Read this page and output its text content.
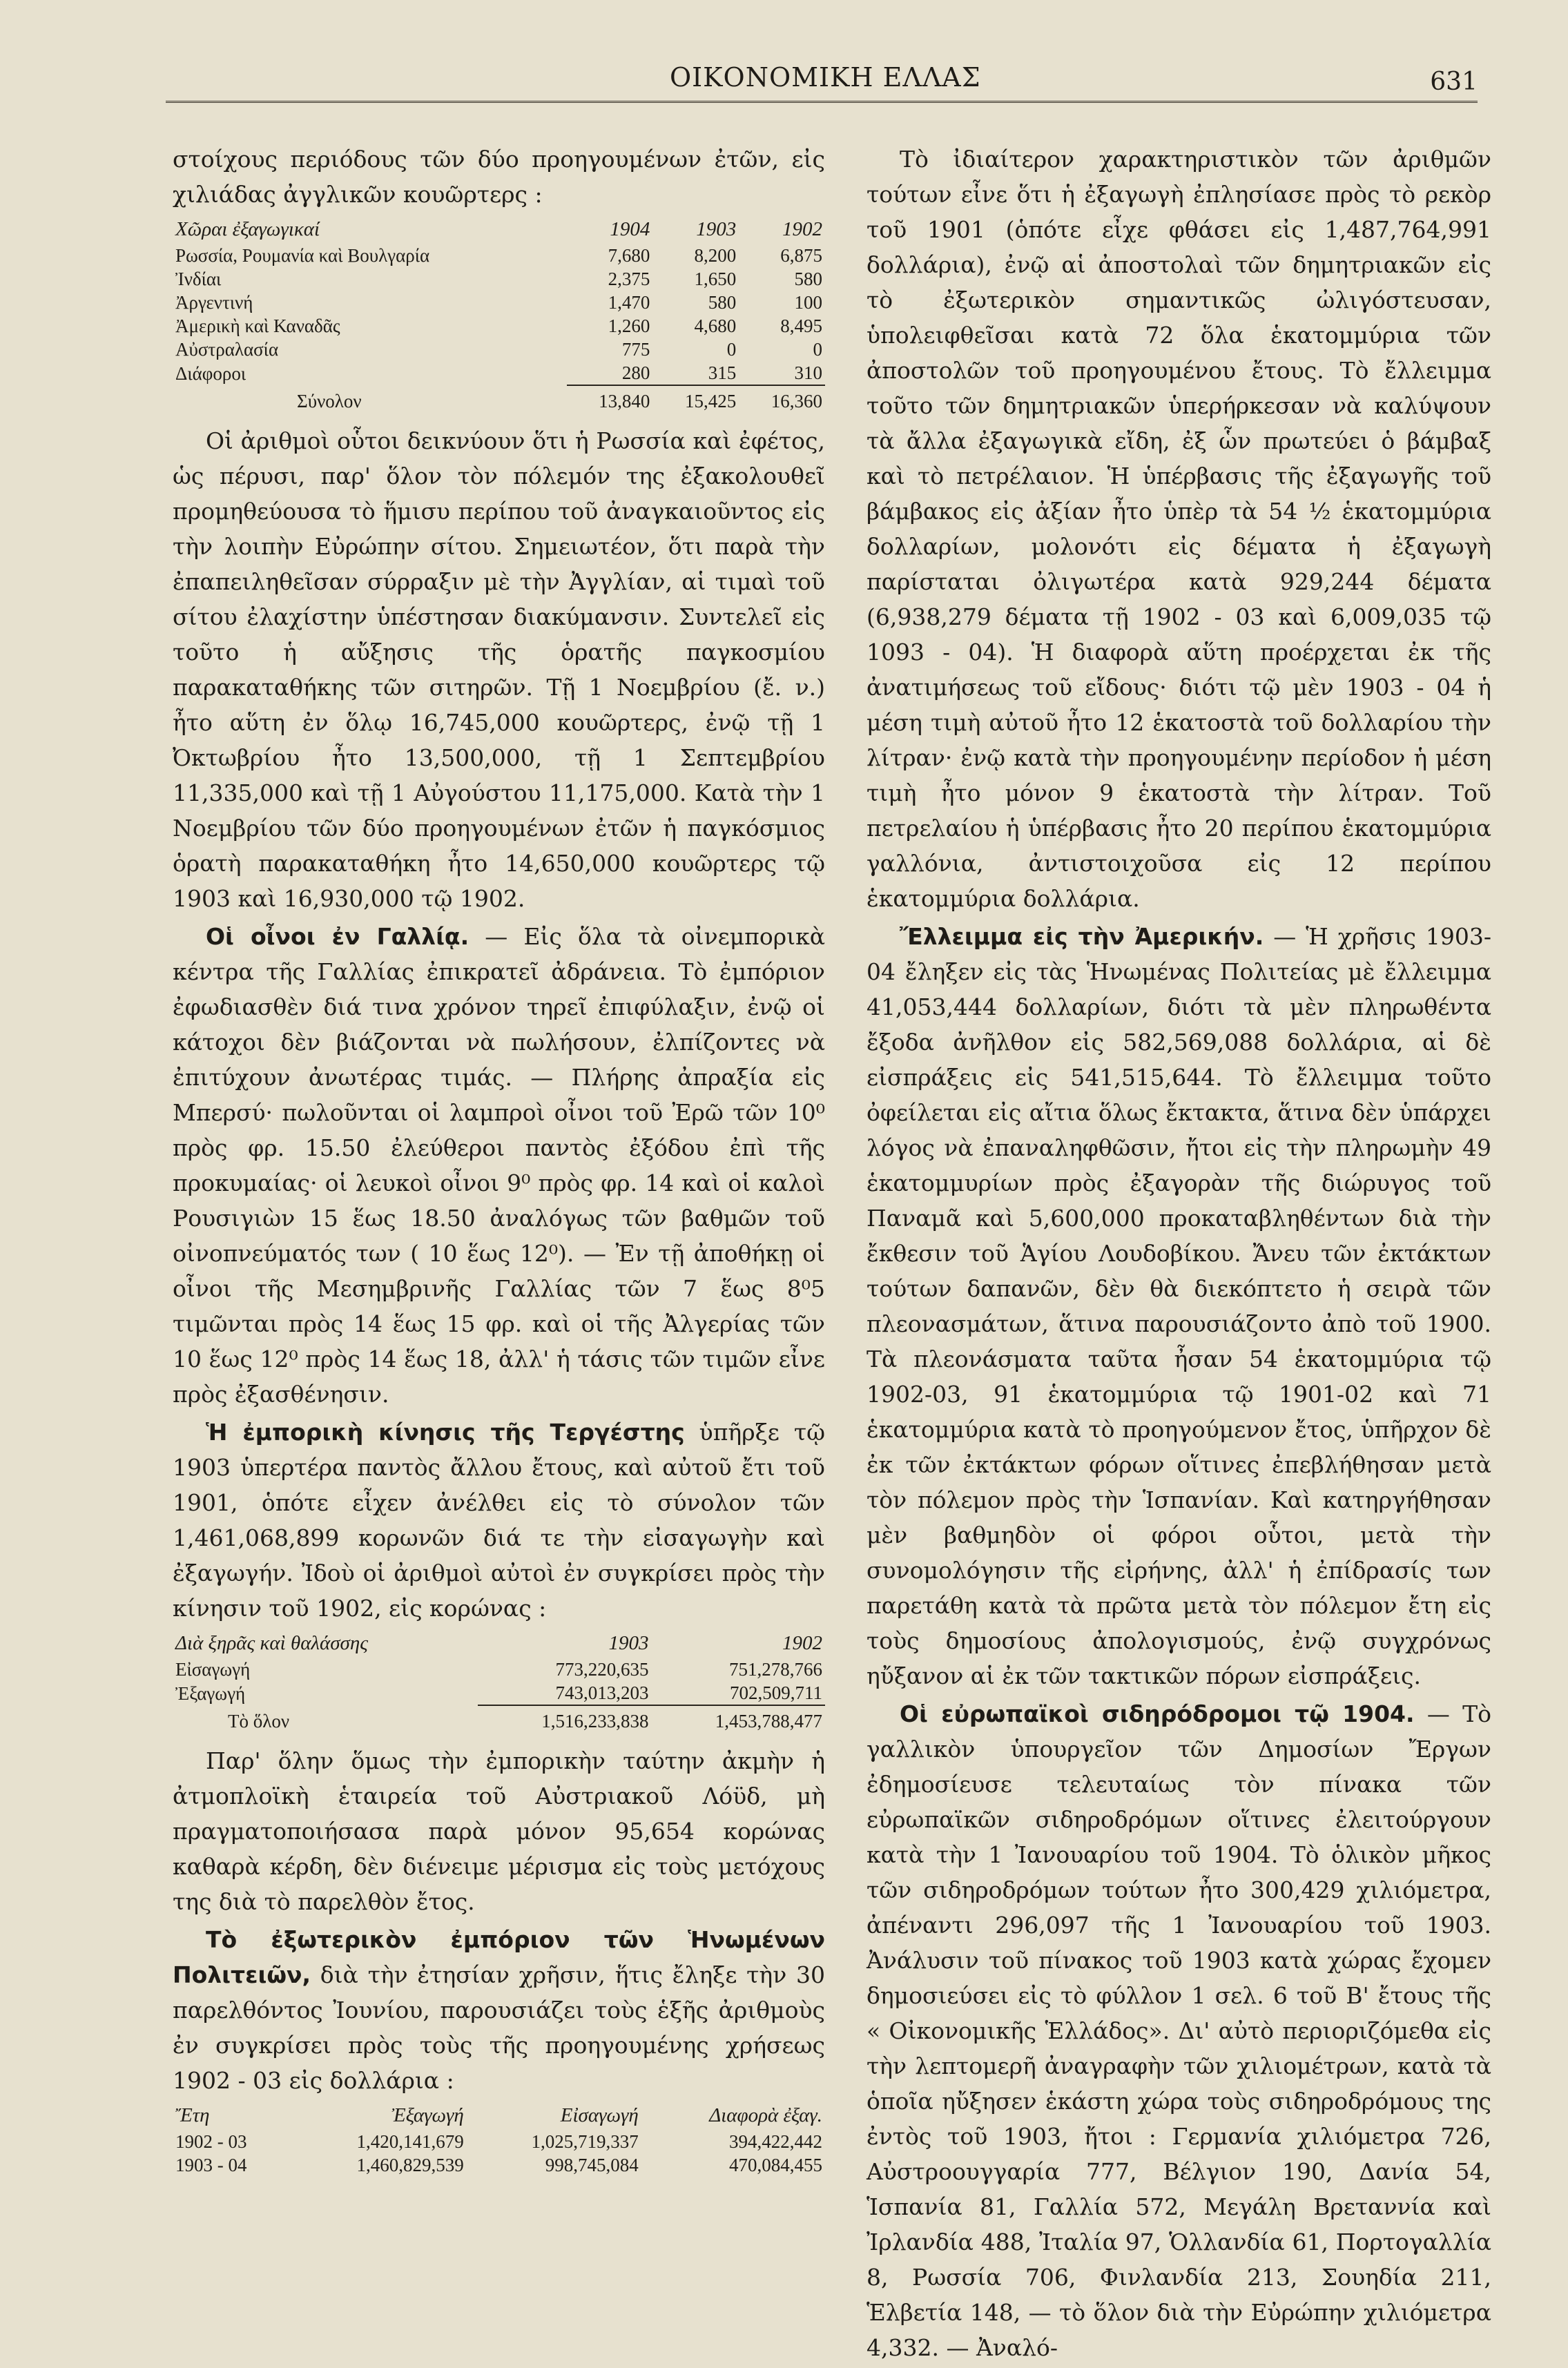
ΟΙΚΟΝΟΜΙΚΗ ΕΛΛΑΣ	631

στοίχους περιόδους τῶν δύο προηγουμένων ἐτῶν, εἰς χιλιάδας ἀγγλικῶν κουῶρτερς :

Χῶραι ἐξαγωγικαί	1904	1903	1902
Ρωσσία, Ρουμανία καὶ Βουλγαρία	7,680	8,200	6,875
Ἰνδίαι	2,375	1,650	580
Ἀργεντινή	1,470	580	100
Ἀμερικὴ καὶ Καναδᾶς	1,260	4,680	8,495
Αὐστραλασία	775	0	0
Διάφοροι	280	315	310
Σύνολον	13,840	15,425	16,360

Οἱ ἀριθμοὶ οὗτοι δεικνύουν ὅτι ἡ Ρωσσία καὶ ἐφέτος, ὡς πέρυσι, παρ' ὅλον τὸν πόλεμόν της ἐξακολουθεῖ προμηθεύουσα τὸ ἥμισυ περίπου τοῦ ἀναγκαιοῦντος εἰς τὴν λοιπὴν Εὐρώπην σίτου. Σημειωτέον, ὅτι παρὰ τὴν ἐπαπειληθεῖσαν σύρραξιν μὲ τὴν Ἀγγλίαν, αἱ τιμαὶ τοῦ σίτου ἐλαχίστην ὑπέστησαν διακύμανσιν. Συντελεῖ εἰς τοῦτο ἡ αὔξησις τῆς ὁρατῆς παγκοσμίου παρακαταθήκης τῶν σιτηρῶν. Τῇ 1 Νοεμβρίου (ἔ. ν.) ἦτο αὕτη ἐν ὅλῳ 16,745,000 κουῶρτερς, ἐνῷ τῇ 1 Ὀκτωβρίου ἦτο 13,500,000, τῇ 1 Σεπτεμβρίου 11,335,000 καὶ τῇ 1 Αὐγούστου 11,175,000. Κατὰ τὴν 1 Νοεμβρίου τῶν δύο προηγουμένων ἐτῶν ἡ παγκόσμιος ὁρατὴ παρακαταθήκη ἦτο 14,650,000 κουῶρτερς τῷ 1903 καὶ 16,930,000 τῷ 1902.

Οἱ οἶνοι ἐν Γαλλίᾳ. — Εἰς ὅλα τὰ οἰνεμπορικὰ κέντρα τῆς Γαλλίας ἐπικρατεῖ ἀδράνεια. Τὸ ἐμπόριον ἐφωδιασθὲν διά τινα χρόνον τηρεῖ ἐπιφύλαξιν, ἐνῷ οἱ κάτοχοι δὲν βιάζονται νὰ πωλήσουν, ἐλπίζοντες νὰ ἐπιτύχουν ἀνωτέρας τιμάς. — Πλήρης ἀπραξία εἰς Μπερσύ· πωλοῦνται οἱ λαμπροὶ οἶνοι τοῦ Ἐρῶ τῶν 10⁰ πρὸς φρ. 15.50 ἐλεύθεροι παντὸς ἐξόδου ἐπὶ τῆς προκυμαίας· οἱ λευκοὶ οἶνοι 9⁰ πρὸς φρ. 14 καὶ οἱ καλοὶ Ρουσιγιὼν 15 ἕως 18.50 ἀναλόγως τῶν βαθμῶν τοῦ οἰνοπνεύματός των ( 10 ἕως 12⁰). — Ἐν τῇ ἀποθήκῃ οἱ οἶνοι τῆς Μεσημβρινῆς Γαλλίας τῶν 7 ἕως 8⁰5 τιμῶνται πρὸς 14 ἕως 15 φρ. καὶ οἱ τῆς Ἀλγερίας τῶν 10 ἕως 12⁰ πρὸς 14 ἕως 18, ἀλλ' ἡ τάσις τῶν τιμῶν εἶνε πρὸς ἐξασθένησιν.

Ἡ ἐμπορικὴ κίνησις τῆς Τεργέστης ὑπῆρξε τῷ 1903 ὑπερτέρα παντὸς ἄλλου ἔτους, καὶ αὐτοῦ ἔτι τοῦ 1901, ὁπότε εἶχεν ἀνέλθει εἰς τὸ σύνολον τῶν 1,461,068,899 κορωνῶν διά τε τὴν εἰσαγωγὴν καὶ ἐξαγωγήν. Ἰδοὺ οἱ ἀριθμοὶ αὐτοὶ ἐν συγκρίσει πρὸς τὴν κίνησιν τοῦ 1902, εἰς κορώνας :

Διὰ ξηρᾶς καὶ θαλάσσης	1903	1902
Εἰσαγωγή	773,220,635	751,278,766
Ἐξαγωγή	743,013,203	702,509,711
Τὸ ὅλον	1,516,233,838	1,453,788,477

Παρ' ὅλην ὅμως τὴν ἐμπορικὴν ταύτην ἀκμὴν ἡ ἀτμοπλοϊκὴ ἑταιρεία τοῦ Αὐστριακοῦ Λόϋδ, μὴ πραγματοποιήσασα παρὰ μόνον 95,654 κορώνας καθαρὰ κέρδη, δὲν διένειμε μέρισμα εἰς τοὺς μετόχους της διὰ τὸ παρελθὸν ἔτος.

Τὸ ἐξωτερικὸν ἐμπόριον τῶν Ἡνωμένων Πολιτειῶν, διὰ τὴν ἐτησίαν χρῆσιν, ἥτις ἔληξε τὴν 30 παρελθόντος Ἰουνίου, παρουσιάζει τοὺς ἑξῆς ἀριθμοὺς ἐν συγκρίσει πρὸς τοὺς τῆς προηγουμένης χρήσεως 1902 - 03 εἰς δολλάρια :

Ἔτη	Ἐξαγωγή	Εἰσαγωγή	Διαφορὰ ἐξαγ.
1902 - 03	1,420,141,679	1,025,719,337	394,422,442
1903 - 04	1,460,829,539	998,745,084	470,084,455

Τὸ ἰδιαίτερον χαρακτηριστικὸν τῶν ἀριθμῶν τούτων εἶνε ὅτι ἡ ἐξαγωγὴ ἐπλησίασε πρὸς τὸ ρεκὸρ τοῦ 1901 (ὁπότε εἶχε φθάσει εἰς 1,487,764,991 δολλάρια), ἐνῷ αἱ ἀποστολαὶ τῶν δημητριακῶν εἰς τὸ ἐξωτερικὸν σημαντικῶς ὠλιγόστευσαν, ὑπολειφθεῖσαι κατὰ 72 ὅλα ἑκατομμύρια τῶν ἀποστολῶν τοῦ προηγουμένου ἔτους. Τὸ ἔλλειμμα τοῦτο τῶν δημητριακῶν ὑπερήρκεσαν νὰ καλύψουν τὰ ἄλλα ἐξαγωγικὰ εἴδη, ἐξ ὧν πρωτεύει ὁ βάμβαξ καὶ τὸ πετρέλαιον. Ἡ ὑπέρβασις τῆς ἐξαγωγῆς τοῦ βάμβακος εἰς ἀξίαν ἦτο ὑπὲρ τὰ 54 ½ ἑκατομμύρια δολλαρίων, μολονότι εἰς δέματα ἡ ἐξαγωγὴ παρίσταται ὀλιγωτέρα κατὰ 929,244 δέματα (6,938,279 δέματα τῇ 1902 - 03 καὶ 6,009,035 τῷ 1093 - 04). Ἡ διαφορὰ αὕτη προέρχεται ἐκ τῆς ἀνατιμήσεως τοῦ εἴδους· διότι τῷ μὲν 1903 - 04 ἡ μέση τιμὴ αὐτοῦ ἦτο 12 ἑκατοστὰ τοῦ δολλαρίου τὴν λίτραν· ἐνῷ κατὰ τὴν προηγουμένην περίοδον ἡ μέση τιμὴ ἦτο μόνον 9 ἑκατοστὰ τὴν λίτραν. Τοῦ πετρελαίου ἡ ὑπέρβασις ἦτο 20 περίπου ἑκατομμύρια γαλλόνια, ἀντιστοιχοῦσα εἰς 12 περίπου ἑκατομμύρια δολλάρια.

Ἔλλειμμα εἰς τὴν Ἀμερικήν. — Ἡ χρῆσις 1903-04 ἔληξεν εἰς τὰς Ἡνωμένας Πολιτείας μὲ ἔλλειμμα 41,053,444 δολλαρίων, διότι τὰ μὲν πληρωθέντα ἔξοδα ἀνῆλθον εἰς 582,569,088 δολλάρια, αἱ δὲ εἰσπράξεις εἰς 541,515,644. Τὸ ἔλλειμμα τοῦτο ὀφείλεται εἰς αἴτια ὅλως ἔκτακτα, ἅτινα δὲν ὑπάρχει λόγος νὰ ἐπαναληφθῶσιν, ἤτοι εἰς τὴν πληρωμὴν 49 ἑκατομμυρίων πρὸς ἐξαγορὰν τῆς διώρυγος τοῦ Παναμᾶ καὶ 5,600,000 προκαταβληθέντων διὰ τὴν ἔκθεσιν τοῦ Ἁγίου Λουδοβίκου. Ἄνευ τῶν ἐκτάκτων τούτων δαπανῶν, δὲν θὰ διεκόπτετο ἡ σειρὰ τῶν πλεονασμάτων, ἅτινα παρουσιάζοντο ἀπὸ τοῦ 1900. Τὰ πλεονάσματα ταῦτα ἦσαν 54 ἑκατομμύρια τῷ 1902-03, 91 ἑκατομμύρια τῷ 1901-02 καὶ 71 ἑκατομμύρια κατὰ τὸ προηγούμενον ἔτος, ὑπῆρχον δὲ ἐκ τῶν ἐκτάκτων φόρων οἵτινες ἐπεβλήθησαν μετὰ τὸν πόλεμον πρὸς τὴν Ἱσπανίαν. Καὶ κατηργήθησαν μὲν βαθμηδὸν οἱ φόροι οὗτοι, μετὰ τὴν συνομολόγησιν τῆς εἰρήνης, ἀλλ' ἡ ἐπίδρασίς των παρετάθη κατὰ τὰ πρῶτα μετὰ τὸν πόλεμον ἔτη εἰς τοὺς δημοσίους ἀπολογισμούς, ἐνῷ συγχρόνως ηὔξανον αἱ ἐκ τῶν τακτικῶν πόρων εἰσπράξεις.

Οἱ εὐρωπαϊκοὶ σιδηρόδρομοι τῷ 1904. — Τὸ γαλλικὸν ὑπουργεῖον τῶν Δημοσίων Ἔργων ἐδημοσίευσε τελευταίως τὸν πίνακα τῶν εὐρωπαϊκῶν σιδηροδρόμων οἵτινες ἐλειτούργουν κατὰ τὴν 1 Ἰανουαρίου τοῦ 1904. Τὸ ὁλικὸν μῆκος τῶν σιδηροδρόμων τούτων ἦτο 300,429 χιλιόμετρα, ἀπέναντι 296,097 τῆς 1 Ἰανουαρίου τοῦ 1903. Ἀνάλυσιν τοῦ πίνακος τοῦ 1903 κατὰ χώρας ἔχομεν δημοσιεύσει εἰς τὸ φύλλον 1 σελ. 6 τοῦ Β' ἔτους τῆς « Οἰκονομικῆς Ἑλλάδος». Δι' αὐτὸ περιοριζόμεθα εἰς τὴν λεπτομερῆ ἀναγραφὴν τῶν χιλιομέτρων, κατὰ τὰ ὁποῖα ηὔξησεν ἑκάστη χώρα τοὺς σιδηροδρόμους της ἐντὸς τοῦ 1903, ἤτοι : Γερμανία χιλιόμετρα 726, Αὐστροουγγαρία 777, Βέλγιον 190, Δανία 54, Ἱσπανία 81, Γαλλία 572, Μεγάλη Βρεταννία καὶ Ἰρλανδία 488, Ἰταλία 97, Ὁλλανδία 61, Πορτογαλλία 8, Ρωσσία 706, Φινλανδία 213, Σουηδία 211, Ἑλβετία 148, — τὸ ὅλον διὰ τὴν Εὐρώπην χιλιόμετρα 4,332. — Ἀναλό-
